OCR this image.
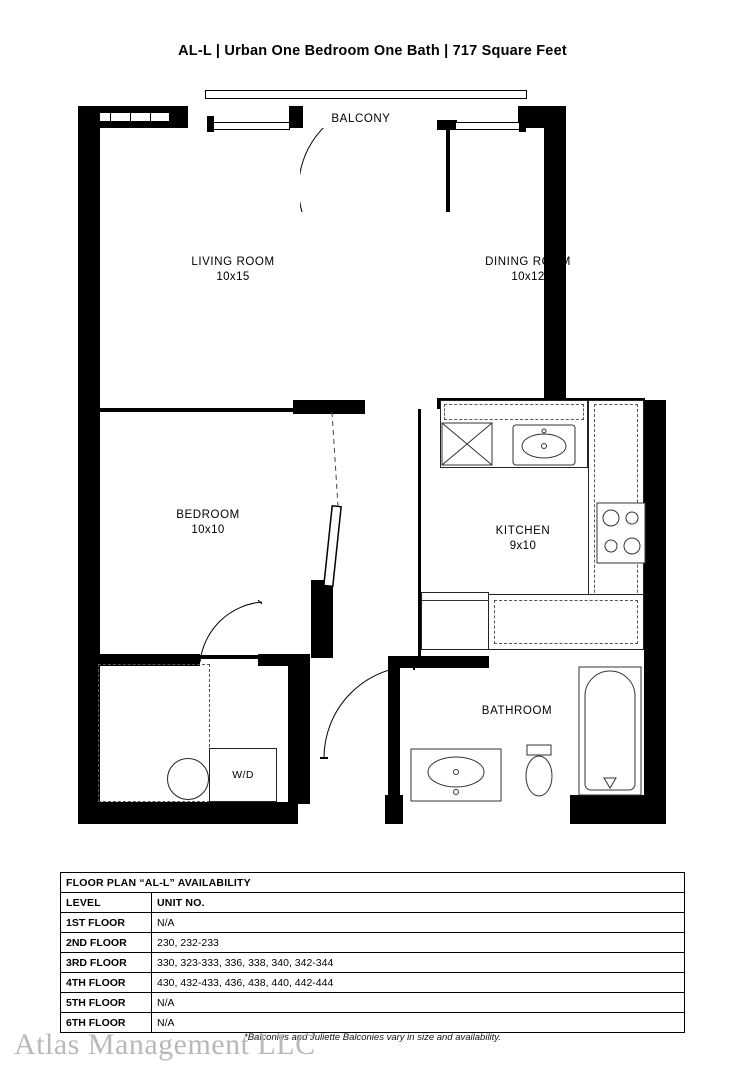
AL-L | Urban One Bedroom One Bath | 717 Square Feet
BALCONY
LIVING ROOM
10x15
DINING ROOM
10x12
BEDROOM
10x10	KITCHEN
9x10
BATHROOM
W/D
FLOOR PLAN “AL-L” AVAILABILITY	
LEVEL	UNIT NO.
1ST FLOOR	N/A
2ND FLOOR	230, 232-233
3RD FLOOR	330, 323-333, 336, 338, 340, 342-344
4TH FLOOR	430, 432-433, 436, 438, 440, 442-444
5TH FLOOR	N/A
6TH FLOOR	N/A
*Balconies and Juliette Balconies vary in size and availability.
Atlas Management LLC
